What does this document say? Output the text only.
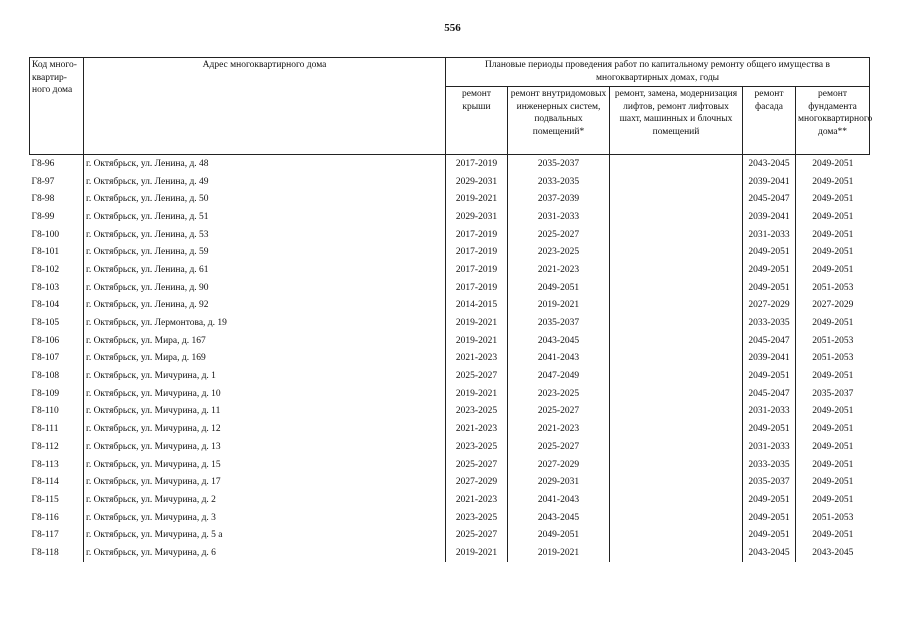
556
Код много-квартир-ного дома	Адрес многоквартирного дома	Плановые периоды проведения работ по капитальному ремонту общего имущества в многоквартирных домах, годы				
		ремонт крыши	ремонт внутридомовых инженерных систем, подвальных помещений*	ремонт, замена, модернизация лифтов, ремонт лифтовых шахт, машинных и блочных помещений	ремонт фасада	ремонт фундамента многоквартирного дома**
Г8-96	г. Октябрьск, ул. Ленина, д. 48	2017-2019	2035-2037		2043-2045	2049-2051
Г8-97	г. Октябрьск, ул. Ленина, д. 49	2029-2031	2033-2035		2039-2041	2049-2051
Г8-98	г. Октябрьск, ул. Ленина, д. 50	2019-2021	2037-2039		2045-2047	2049-2051
Г8-99	г. Октябрьск, ул. Ленина, д. 51	2029-2031	2031-2033		2039-2041	2049-2051
Г8-100	г. Октябрьск, ул. Ленина, д. 53	2017-2019	2025-2027		2031-2033	2049-2051
Г8-101	г. Октябрьск, ул. Ленина, д. 59	2017-2019	2023-2025		2049-2051	2049-2051
Г8-102	г. Октябрьск, ул. Ленина, д. 61	2017-2019	2021-2023		2049-2051	2049-2051
Г8-103	г. Октябрьск, ул. Ленина, д. 90	2017-2019	2049-2051		2049-2051	2051-2053
Г8-104	г. Октябрьск, ул. Ленина, д. 92	2014-2015	2019-2021		2027-2029	2027-2029
Г8-105	г. Октябрьск, ул. Лермонтова, д. 19	2019-2021	2035-2037		2033-2035	2049-2051
Г8-106	г. Октябрьск, ул. Мира, д. 167	2019-2021	2043-2045		2045-2047	2051-2053
Г8-107	г. Октябрьск, ул. Мира, д. 169	2021-2023	2041-2043		2039-2041	2051-2053
Г8-108	г. Октябрьск, ул. Мичурина, д. 1	2025-2027	2047-2049		2049-2051	2049-2051
Г8-109	г. Октябрьск, ул. Мичурина, д. 10	2019-2021	2023-2025		2045-2047	2035-2037
Г8-110	г. Октябрьск, ул. Мичурина, д. 11	2023-2025	2025-2027		2031-2033	2049-2051
Г8-111	г. Октябрьск, ул. Мичурина, д. 12	2021-2023	2021-2023		2049-2051	2049-2051
Г8-112	г. Октябрьск, ул. Мичурина, д. 13	2023-2025	2025-2027		2031-2033	2049-2051
Г8-113	г. Октябрьск, ул. Мичурина, д. 15	2025-2027	2027-2029		2033-2035	2049-2051
Г8-114	г. Октябрьск, ул. Мичурина, д. 17	2027-2029	2029-2031		2035-2037	2049-2051
Г8-115	г. Октябрьск, ул. Мичурина, д. 2	2021-2023	2041-2043		2049-2051	2049-2051
Г8-116	г. Октябрьск, ул. Мичурина, д. 3	2023-2025	2043-2045		2049-2051	2051-2053
Г8-117	г. Октябрьск, ул. Мичурина, д. 5 а	2025-2027	2049-2051		2049-2051	2049-2051
Г8-118	г. Октябрьск, ул. Мичурина, д. 6	2019-2021	2019-2021		2043-2045	2043-2045
